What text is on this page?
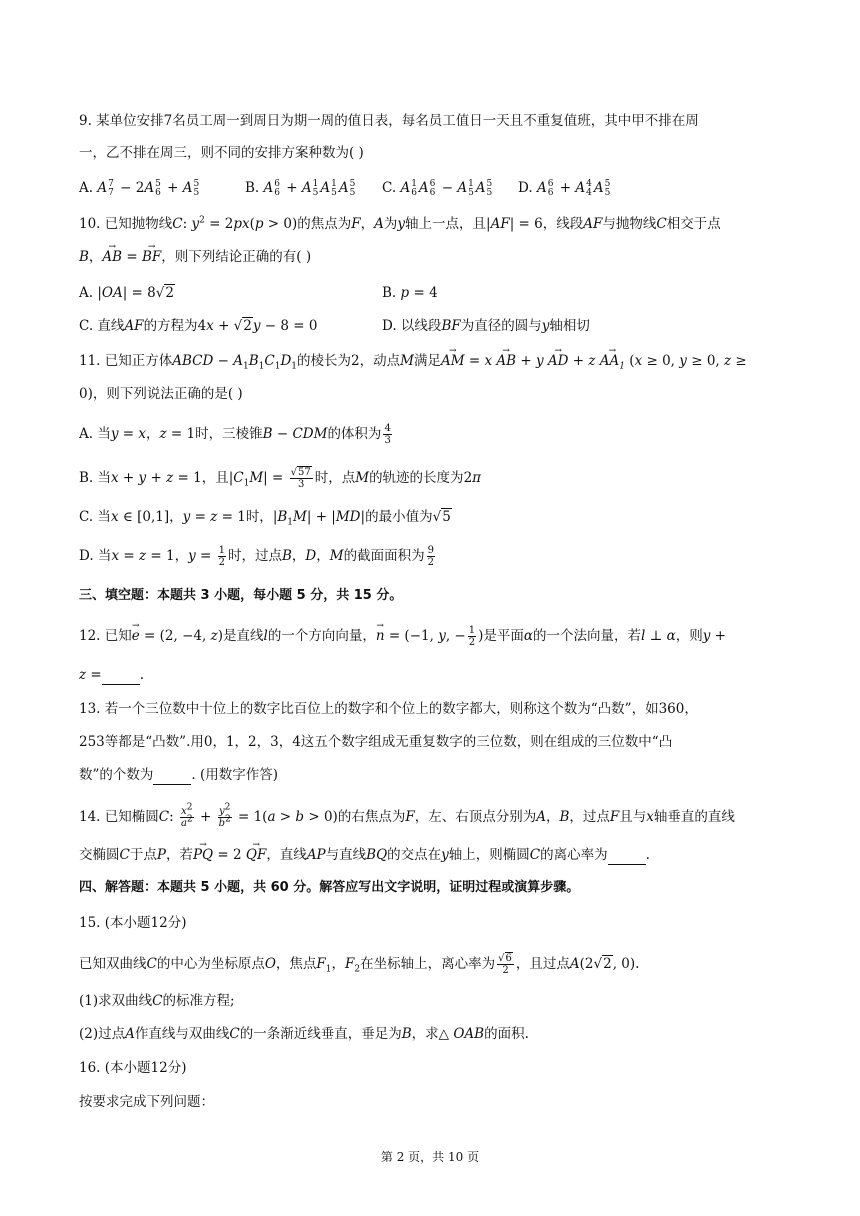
9. 某单位安排7名员工周一到周日为期一周的值日表，每名员工值日一天且不重复值班，其中甲不排在周
一，乙不排在周三，则不同的安排方案种数为( )
A. A 7
7 − 2A 5
6 + A 5
5	B. A 6
6 + A 1
5 A 1
5 A 5
5 C. A 1
6 A 6
6 − A 1
5 A 5
5 D. A 6
6 + A 4
4 A 5
5
10. 已知抛物线C: $y^2 = 2px(p > 0)$的焦点为F，A为y轴上一点，且|AF| = 6，线段AF与抛物线C相交于点
B，→ AB = → BF，则下列结论正确的有( )
A. |OA| = 8√2	B. p = 4
C. 直线AF的方程为4x + √2y − 8 = 0	D. 以线段BF为直径的圆与y轴相切
11. 已知正方体ABCD − $A_1B_1C_1D_1$的棱长为2，动点M满足→ AM = x → AB + y → AD + $z \to AA_1$ (x ≥ 0, y ≥ 0, z ≥
0)，则下列说法正确的是( )
A. 当y = x，z = 1时，三棱锥B − CDM的体积为 $\frac{4}{3}$
B. 当x + y + z = 1，且$|C_1M| = \frac{√57}{3}$ 时，点M的轨迹的长度为2π
C. 当x ∈ [0,1]，y = z = 1时，$|B_1M| + |MD|$的最小值为√5
D. 当x = z = 1，$y = \frac{1}{2}$ 时，过点B，D，M的截面面积为 $\frac{9}{2}$
三、填空题：本题共 3 小题，每小题 5 分，共 15 分。
12. 已知→ e = (2, −4, z)是直线l的一个方向向量，→ n = (−1, y, − $\frac{1}{2}$ )是平面α的一个法向量，若l ⊥ α，则y +
z =	.
13. 若一个三位数中十位上的数字比百位上的数字和个位上的数字都大，则称这个数为“凸数”，如360，
253等都是“凸数”.用0，1，2，3，4这五个数字组成无重复数字的三位数，则在组成的三位数中“凸
数”的个数为	. (用数字作答)
14. 已知椭圆C: $\frac{x^2}{a^2} + \frac{y^2}{b^2} = 1(a > b > 0)$的右焦点为F，左、右顶点分别为A，B，过点F且与x轴垂直的直线
交椭圆C于点P，若→ PQ = 2 → QF，直线AP与直线BQ的交点在y轴上，则椭圆C的离心率为	.
四、解答题：本题共 5 小题，共 60 分。解答应写出文字说明，证明过程或演算步骤。
15. (本小题12分)
已知双曲线C的中心为坐标原点O，焦点$F_1$，$F_2$在坐标轴上，离心率为 $\frac{√6}{2}$ ，且过点A(2√2, 0).
(1)求双曲线C的标准方程;
(2)过点A作直线与双曲线C的一条渐近线垂直，垂足为B，求△ OAB的面积.
16. (本小题12分)
按要求完成下列问题：
第 2 页，共 10 页
